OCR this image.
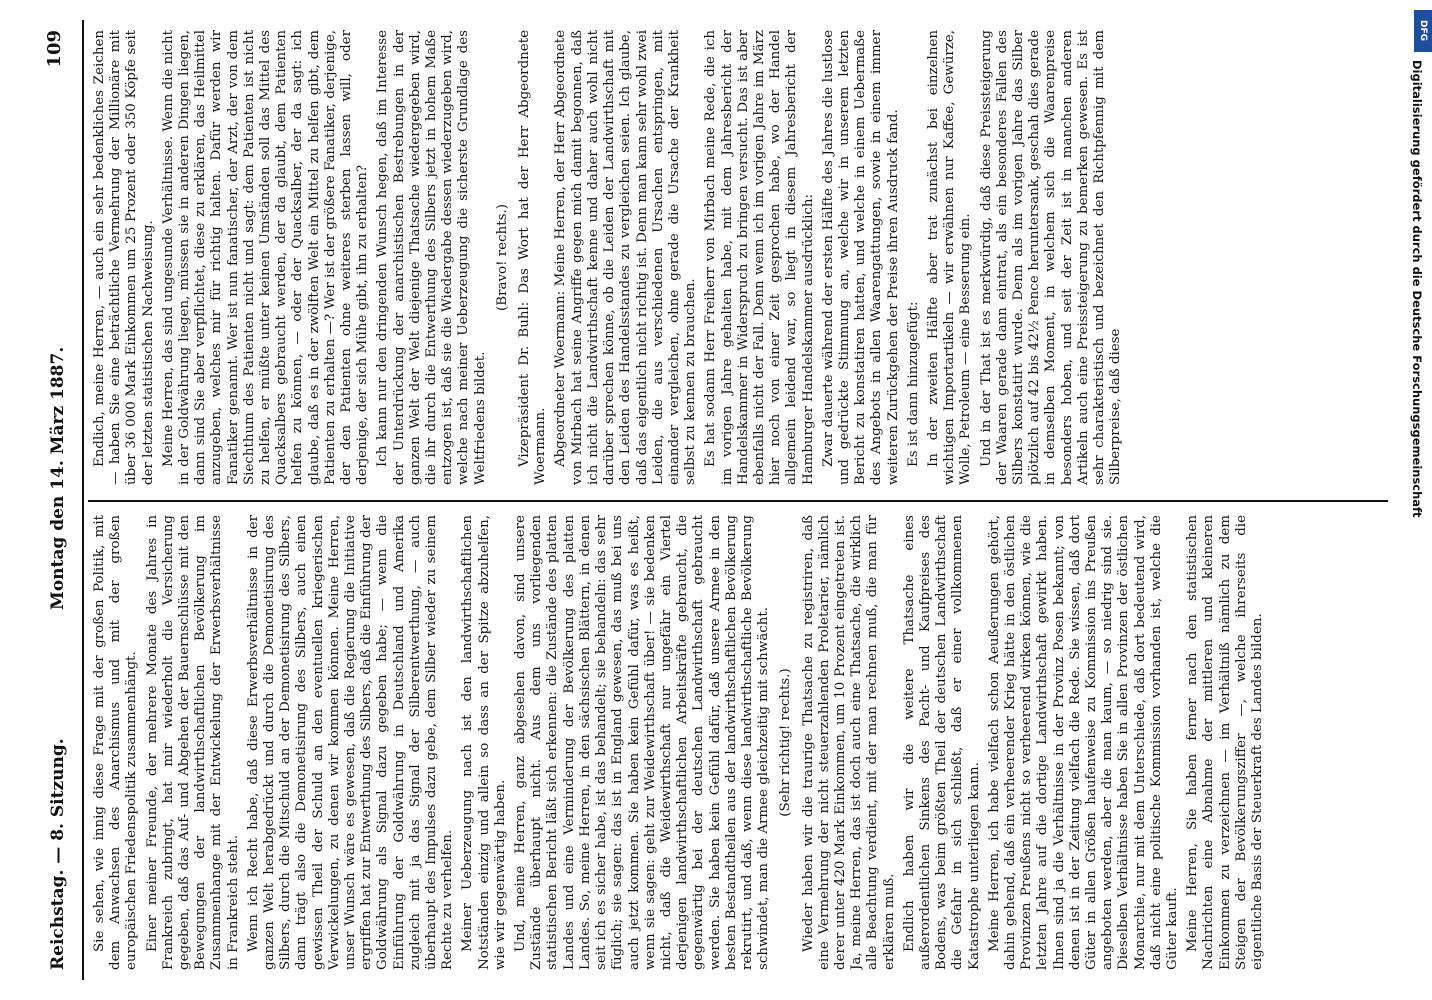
Reichstag. — 8. Sitzung.
Montag den 14. März 1887.
109

Sie sehen, wie innig diese Frage mit der großen Politik, mit dem Anwachsen des Anarchismus und mit der großen europäischen Friedenspolitik zusammenhängt. Einer meiner Freunde, der mehrere Monate des Jahres in Frankreich zubringt, hat mir wiederholt die Versicherung gegeben, daß das Auf- und Abgehen der Bauernschlüsse mit den Bewegungen der landwirthschaftlichen Bevölkerung im Zusammenhange mit der Entwickelung der Erwerbsverhältnisse in Frankreich steht. Wenn ich Recht habe, daß diese Erwerbsverhältnisse in der ganzen Welt herabgedrückt und durch die Demonetisirung des Silbers, durch die Mitschuld an der Demonetisirung des Silbers, dann trägt also die Demonetisirung des Silbers, auch einen gewissen Theil der Schuld an den eventuellen kriegerischen Verwickelungen, zu denen wir kommen können. Meine Herren, unser Wunsch wäre es gewesen, daß die Regierung die Initiative ergriffen hat zur Entwerthung des Silbers, daß die Einführung der Goldwährung als Signal dazu gegeben habe; — wenn die Einführung der Goldwährung in Deutschland und Amerika zugleich mit ja das Signal der Silberentwerthung, — auch überhaupt des Impulses dazu gebe, dem Silber wieder zu seinem Rechte zu verhelfen. Meiner Ueberzeugung nach ist den landwirthschaftlichen Notständen einzig und allein so dass an der Spitze abzuhelfen, wie wir gegenwärtig haben. Und, meine Herren, ganz abgesehen davon, sind unsere Zustände überhaupt nicht. Aus dem uns vorliegenden statistischen Bericht läßt sich erkennen: die Zustände des platten Landes und eine Verminderung der Bevölkerung des platten Landes. So, meine Herren, in den sächsischen Blättern, in denen seit ich es sicher habe, ist das behandelt; sie behandeln: das sehr füglich; sie sagen: das ist in England gewesen, das muß bei uns auch jetzt kommen. Sie haben kein Gefühl dafür, was es heißt, wenn sie sagen: geht zur Weidewirthschaft über! — sie bedenken nicht, daß die Weidewirthschaft nur ungefähr ein Viertel derjenigen landwirthschaftlichen Arbeitskräfte gebraucht, die gegenwärtig bei der deutschen Landwirthschaft gebraucht werden. Sie haben kein Gefühl dafür, daß unsere Armee in den besten Bestandtheilen aus der landwirthschaftlichen Bevölkerung rekrutirt, und daß, wenn diese landwirthschaftliche Bevölkerung schwindet, man die Armee gleichzeitig mit schwächt. (Sehr richtig! rechts.) Wieder haben wir die traurige Thatsache zu registriren, daß eine Vermehrung der nicht steuerzahlenden Proletarier, nämlich derer unter 420 Mark Einkommen, um 10 Prozent eingetreten ist. Ja, meine Herren, das ist doch auch eine Thatsache, die wirklich alle Beachtung verdient, mit der man rechnen muß, die man für erklären muß. Endlich haben wir die weitere Thatsache eines außerordentlichen Sinkens des Pacht- und Kaufpreises des Bodens, was beim größten Theil der deutschen Landwirthschaft die Gefahr in sich schließt, daß er einer vollkommenen Katastrophe unterliegen kann. Meine Herren, ich habe vielfach schon Aeußerungen gehört, dahin gehend, daß ein verheerender Krieg hätte in den östlichen Provinzen Preußens nicht so verheerend wirken können, wie die letzten Jahre auf die dortige Landwirthschaft gewirkt haben. Ihnen sind ja die Verhältnisse in der Provinz Posen bekannt; von denen ist in der Zeitung vielfach die Rede. Sie wissen, daß dort Güter in allen Größen haufenweise zu Kommission ins Preußen angeboten werden, aber die man kaum, — so niedrig sind sie. Dieselben Verhältnisse haben Sie in allen Provinzen der östlichen Monarchie, nur mit dem Unterschiede, daß dort bedeutend wird, daß nicht eine politische Kommission vorhanden ist, welche die Güter kauft. Meine Herren, Sie haben ferner nach den statistischen Nachrichten eine Abnahme der mittleren und kleineren Einkommen zu verzeichnen — im Verhältniß nämlich zu dem Steigen der Bevölkerungsziffer —, welche ihrerseits die eigentliche Basis der Steuerkraft des Landes bilden.

Endlich, meine Herren, — auch ein sehr bedenkliches Zeichen — haben Sie eine beträchtliche Vermehrung der Millionäre mit über 36 000 Mark Einkommen um 25 Prozent oder 350 Köpfe seit der letzten statistischen Nachweisung. Meine Herren, das sind ungesunde Verhältnisse. Wenn die nicht in der Goldwährung liegen, müssen sie in anderen Dingen liegen, dann sind Sie aber verpflichtet, diese zu erklären, das Heilmittel anzugeben, welches mir für richtig halten. Dafür werden wir Fanatiker genannt. Wer ist nun fanatischer, der Arzt, der von dem Siechthum des Patienten nicht und sagt: dem Patienten ist nicht zu helfen, er müßte unter keinen Umständen soll das Mittel des Quacksalbers gebraucht werden, der da glaubt, dem Patienten helfen zu können, — oder der Quacksalber, der da sagt: ich glaube, daß es in der zwölften Welt ein Mittel zu helfen gibt, dem Patienten zu erhalten —? Wer ist der größere Fanatiker, derjenige, der den Patienten ohne weiteres sterben lassen will, oder derjenige, der sich Mühe gibt, ihn zu erhalten? Ich kann nur den dringenden Wunsch hegen, daß im Interesse der Unterdrückung der anarchistischen Bestrebungen in der ganzen Welt der Welt diejenige Thatsache wiedergegeben wird, die ihr durch die Entwerthung des Silbers jetzt in hohem Maße entzogen ist, daß sie die Wiedergabe dessen wiederzugeben wird, welche nach meiner Ueberzeugung die sicherste Grundlage des Weltfriedens bildet.

(Bravo! rechts.) Vizepräsident Dr. Buhl: Das Wort hat der Herr Abgeordnete Woermann. Abgeordneter Woermann: Meine Herren, der Herr Abgeordnete von Mirbach hat seine Angriffe gegen mich damit begonnen, daß ich nicht die Landwirthschaft kenne und daher auch wohl nicht darüber sprechen könne, ob die Leiden der Landwirthschaft mit den Leiden des Handelsstandes zu vergleichen seien. Ich glaube, daß das eigentlich nicht richtig ist. Denn man kann sehr wohl zwei Leiden, die aus verschiedenen Ursachen entspringen, mit einander vergleichen, ohne gerade die Ursache der Krankheit selbst zu kennen zu brauchen. Es hat sodann Herr Freiherr von Mirbach meine Rede, die ich im vorigen Jahre gehalten habe, mit dem Jahresbericht der Handelskammer in Widerspruch zu bringen versucht. Das ist aber ebenfalls nicht der Fall. Denn wenn ich im vorigen Jahre im März hier noch von einer Zeit gesprochen habe, wo der Handel allgemein leidend war, so liegt in diesem Jahresbericht der Hamburger Handelskammer ausdrücklich: Zwar dauerte während der ersten Hälfte des Jahres die lustlose und gedrückte Stimmung an, welche wir in unserem letzten Bericht zu konstatiren hatten, und welche in einem Uebermaße des Angebots in allen Waarengattungen, sowie in einem immer weiteren Zurückgehen der Preise ihren Ausdruck fand. Es ist dann hinzugefügt: In der zweiten Hälfte aber trat zunächst bei einzelnen wichtigen Importartikeln — wir erwähnen nur Kaffee, Gewürze, Wolle, Petroleum — eine Besserung ein. Und in der That ist es merkwürdig, daß diese Preissteigerung der Waaren gerade dann eintrat, als ein besonderes Fallen des Silbers konstatirt wurde. Denn als im vorigen Jahre das Silber plötzlich auf 42 bis 42½ Pence heruntersank, geschah dies gerade in demselben Moment, in welchem sich die Waarenpreise besonders hoben, und seit der Zeit ist in manchen anderen Artikeln auch eine Preissteigerung zu bemerken gewesen. Es ist sehr charakteristisch und bezeichnet den Richtpfennig mit dem Silberpreise, daß diese

DFG
Digitalisierung gefördert durch die Deutsche Forschungsgemeinschaft
